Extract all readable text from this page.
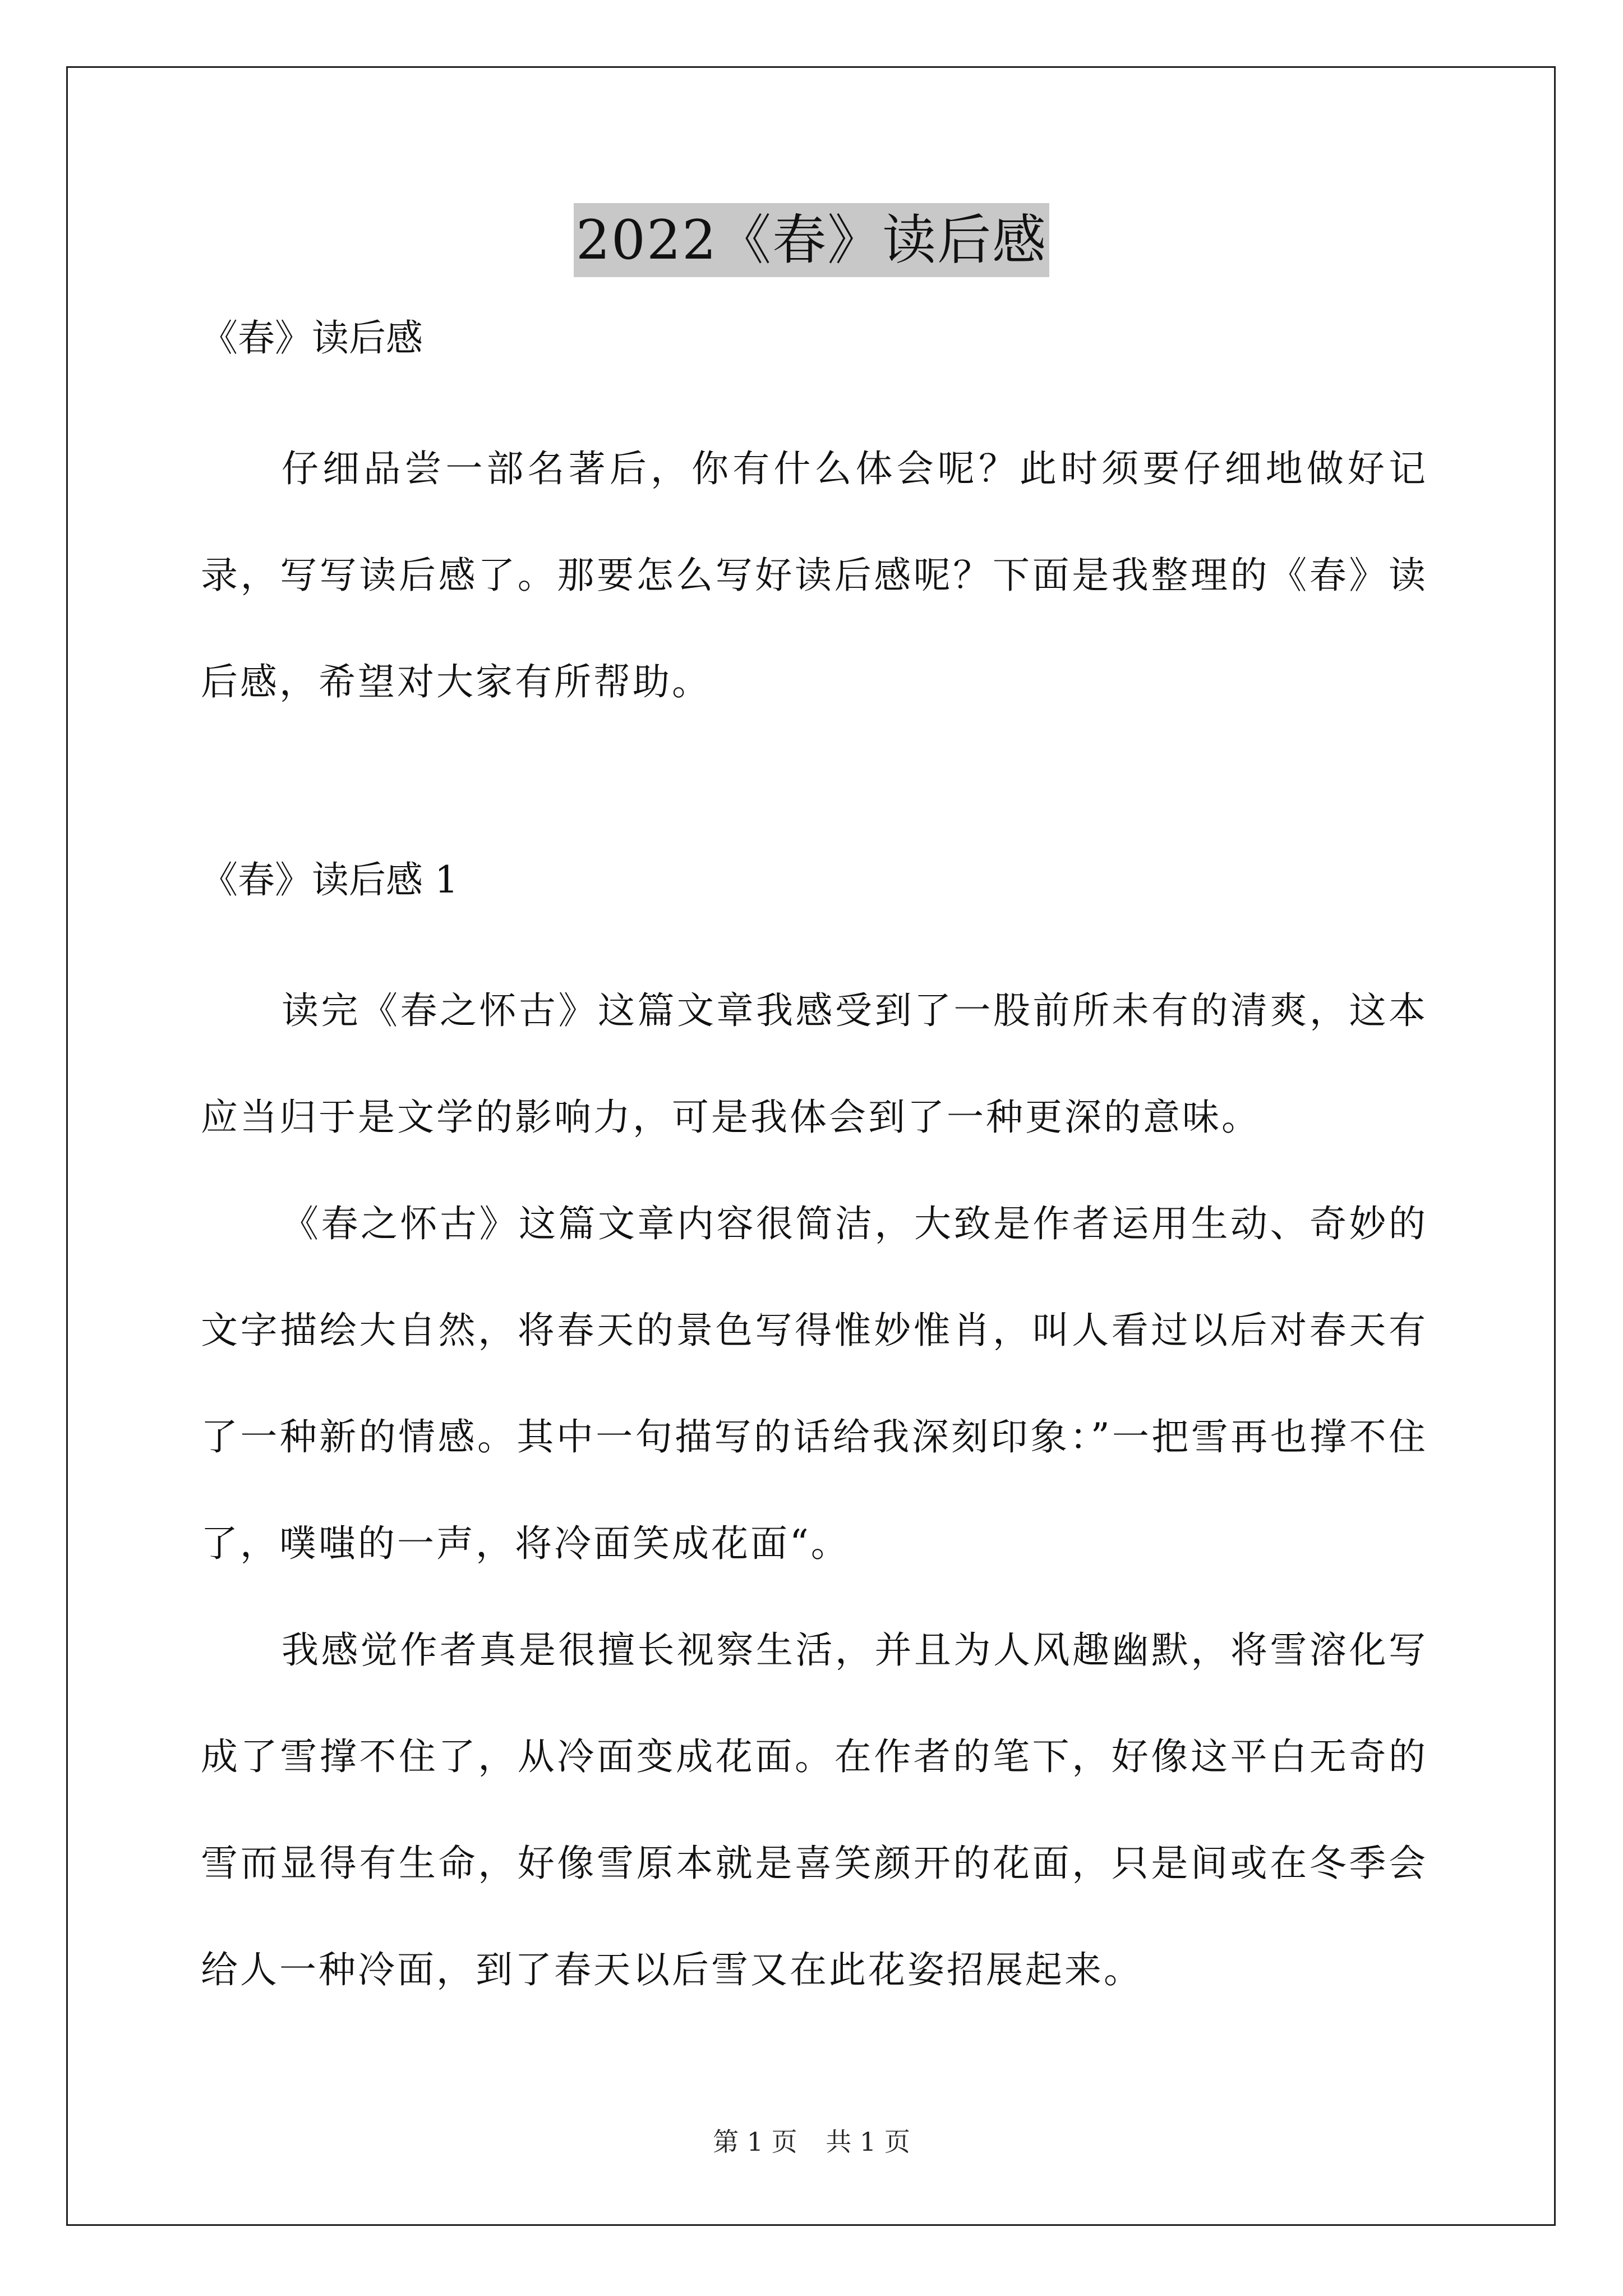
2022《春》读后感

《春》读后感

仔细品尝一部名著后，你有什么体会呢？此时须要仔细地做好记录，写写读后感了。那要怎么写好读后感呢？下面是我整理的《春》读后感，希望对大家有所帮助。

《春》读后感 1

读完《春之怀古》这篇文章我感受到了一股前所未有的清爽，这本应当归于是文学的影响力，可是我体会到了一种更深的意味。

《春之怀古》这篇文章内容很简洁，大致是作者运用生动、奇妙的文字描绘大自然，将春天的景色写得惟妙惟肖，叫人看过以后对春天有了一种新的情感。其中一句描写的话给我深刻印象：”一把雪再也撑不住了，噗嗤的一声，将冷面笑成花面“。

我感觉作者真是很擅长视察生活，并且为人风趣幽默，将雪溶化写成了雪撑不住了，从冷面变成花面。在作者的笔下，好像这平白无奇的雪而显得有生命，好像雪原本就是喜笑颜开的花面，只是间或在冬季会给人一种冷面，到了春天以后雪又在此花姿招展起来。

第 1 页 共 1 页
